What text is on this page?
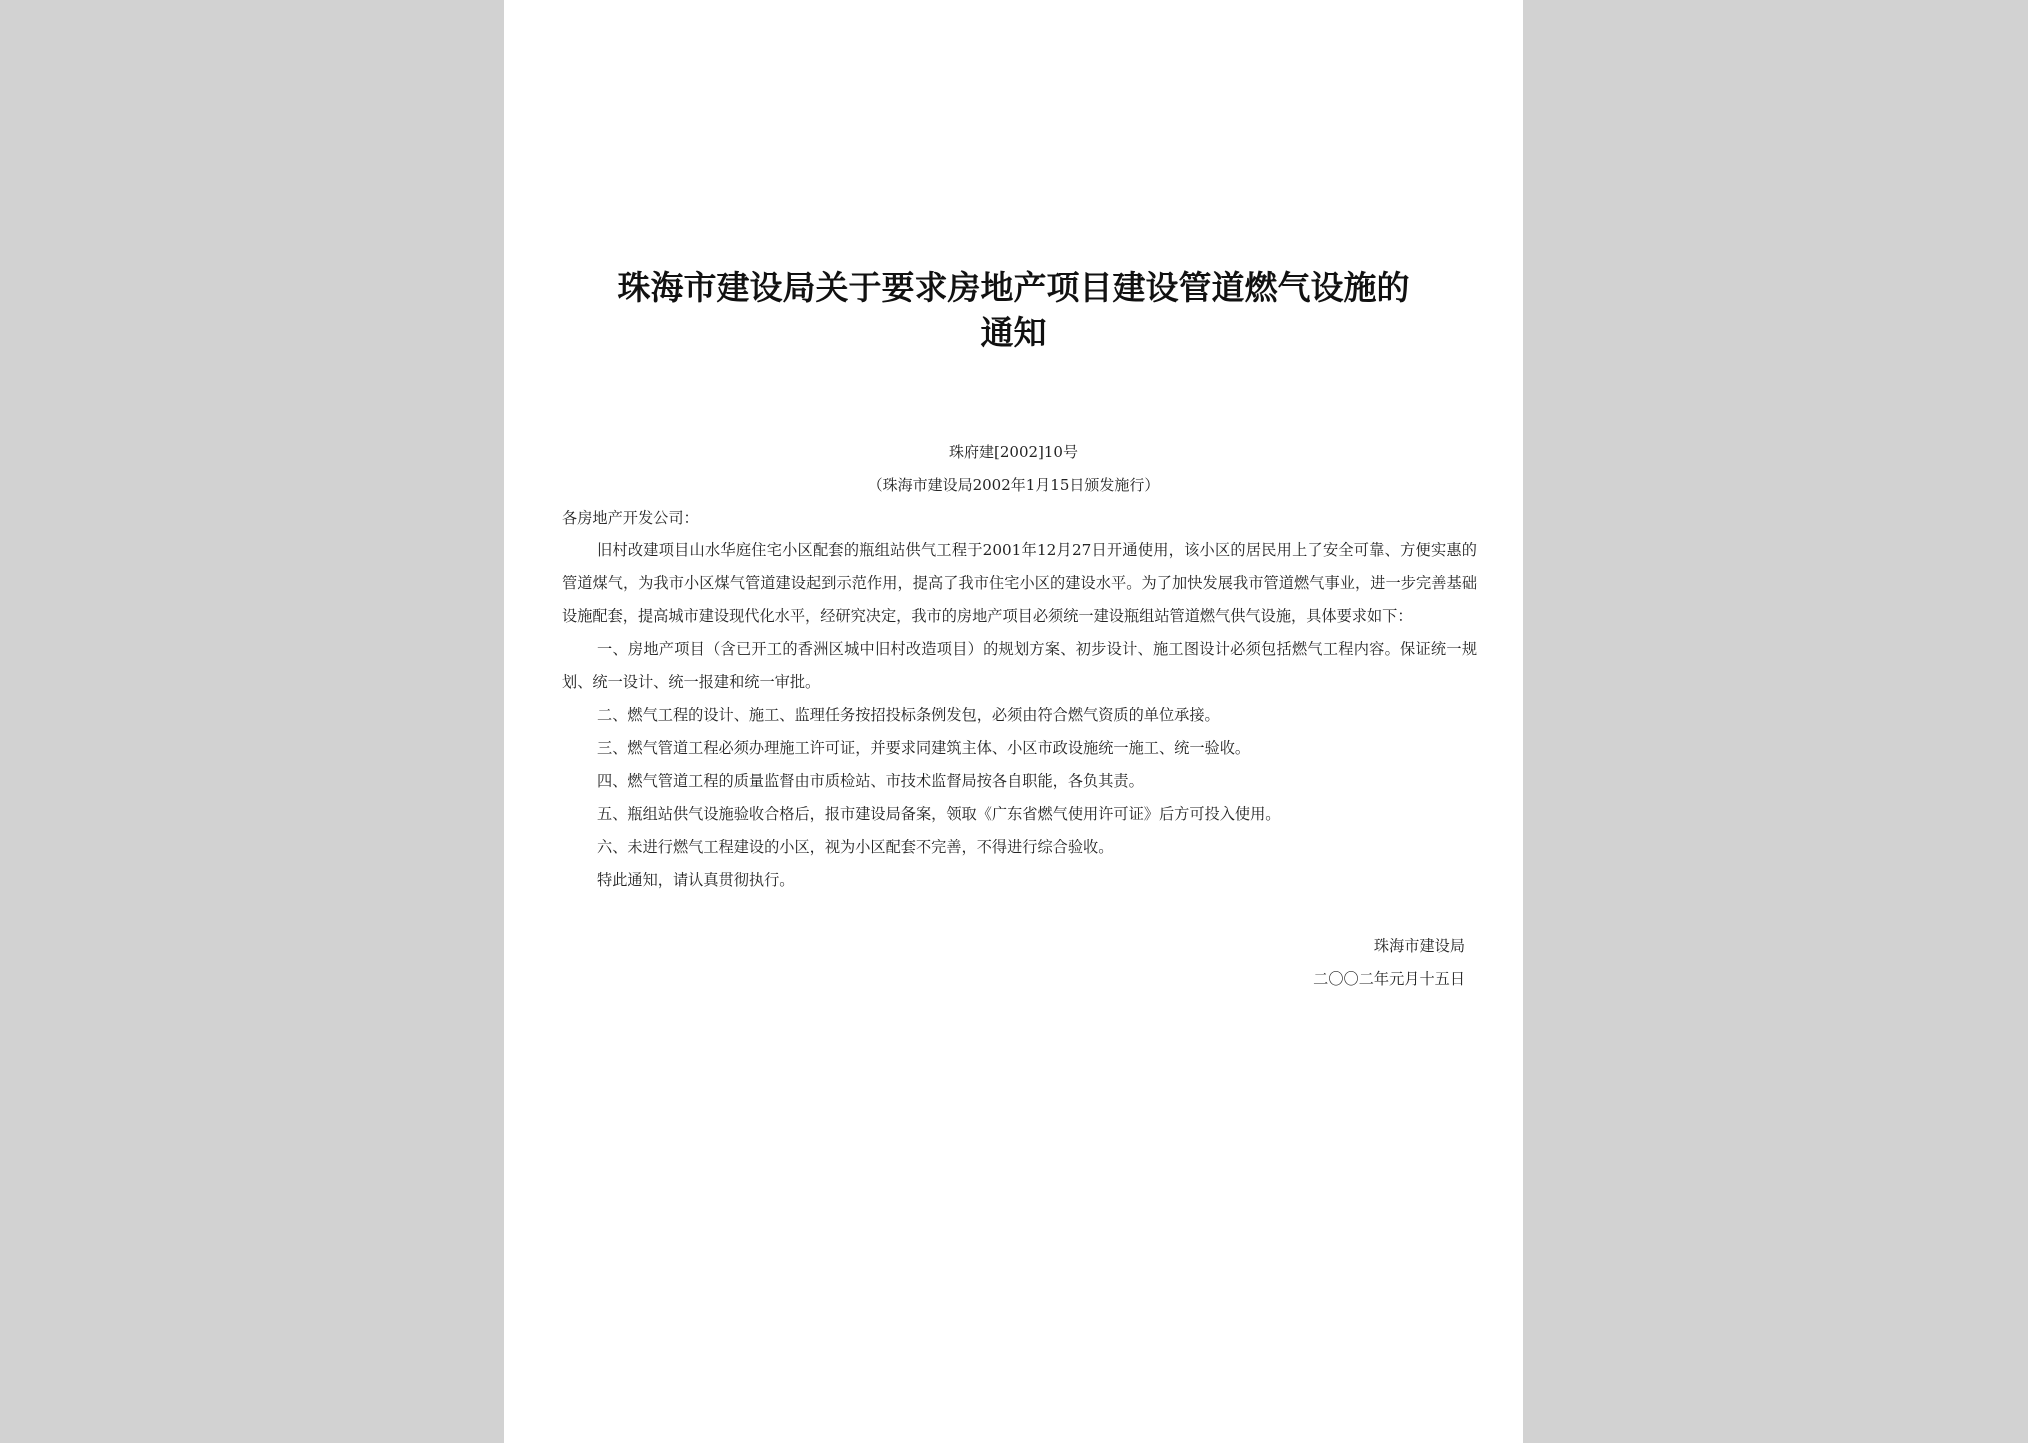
珠海市建设局关于要求房地产项目建设管道燃气设施的
通知
珠府建[2002]10号
（珠海市建设局2002年1月15日颁发施行）
各房地产开发公司：

旧村改建项目山水华庭住宅小区配套的瓶组站供气工程于2001年12月27日开通使用，该小区的居民用上了安全可靠、方便实惠的管道煤气，为我市小区煤气管道建设起到示范作用，提高了我市住宅小区的建设水平。为了加快发展我市管道燃气事业，进一步完善基础设施配套，提高城市建设现代化水平，经研究决定，我市的房地产项目必须统一建设瓶组站管道燃气供气设施，具体要求如下：

一、房地产项目（含已开工的香洲区城中旧村改造项目）的规划方案、初步设计、施工图设计必须包括燃气工程内容。保证统一规划、统一设计、统一报建和统一审批。

二、燃气工程的设计、施工、监理任务按招投标条例发包，必须由符合燃气资质的单位承接。

三、燃气管道工程必须办理施工许可证，并要求同建筑主体、小区市政设施统一施工、统一验收。

四、燃气管道工程的质量监督由市质检站、市技术监督局按各自职能，各负其责。

五、瓶组站供气设施验收合格后，报市建设局备案，领取《广东省燃气使用许可证》后方可投入使用。

六、未进行燃气工程建设的小区，视为小区配套不完善，不得进行综合验收。

特此通知，请认真贯彻执行。

珠海市建设局
二〇〇二年元月十五日
